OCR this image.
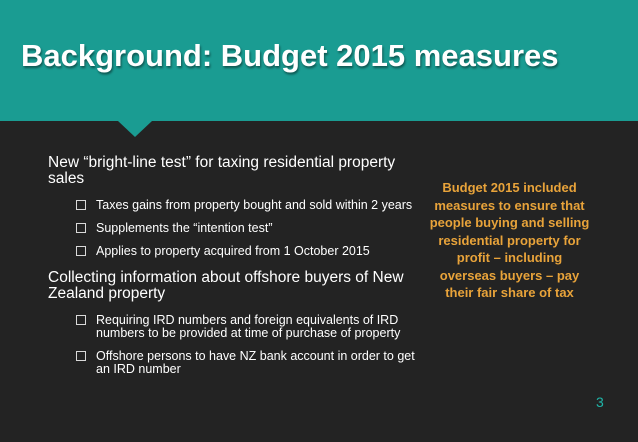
Background: Budget 2015 measures
New “bright-line test” for taxing residential property sales
Taxes gains from property bought and sold within 2 years
Supplements the “intention test”
Applies to property acquired from 1 October 2015
Collecting information about offshore buyers of New Zealand property
Requiring IRD numbers and foreign equivalents of IRD numbers to be provided at time of purchase of property
Offshore persons to have NZ bank account in order to get an IRD number
Budget 2015 included measures to ensure that people buying and selling residential property for profit – including overseas buyers – pay their fair share of tax
3
